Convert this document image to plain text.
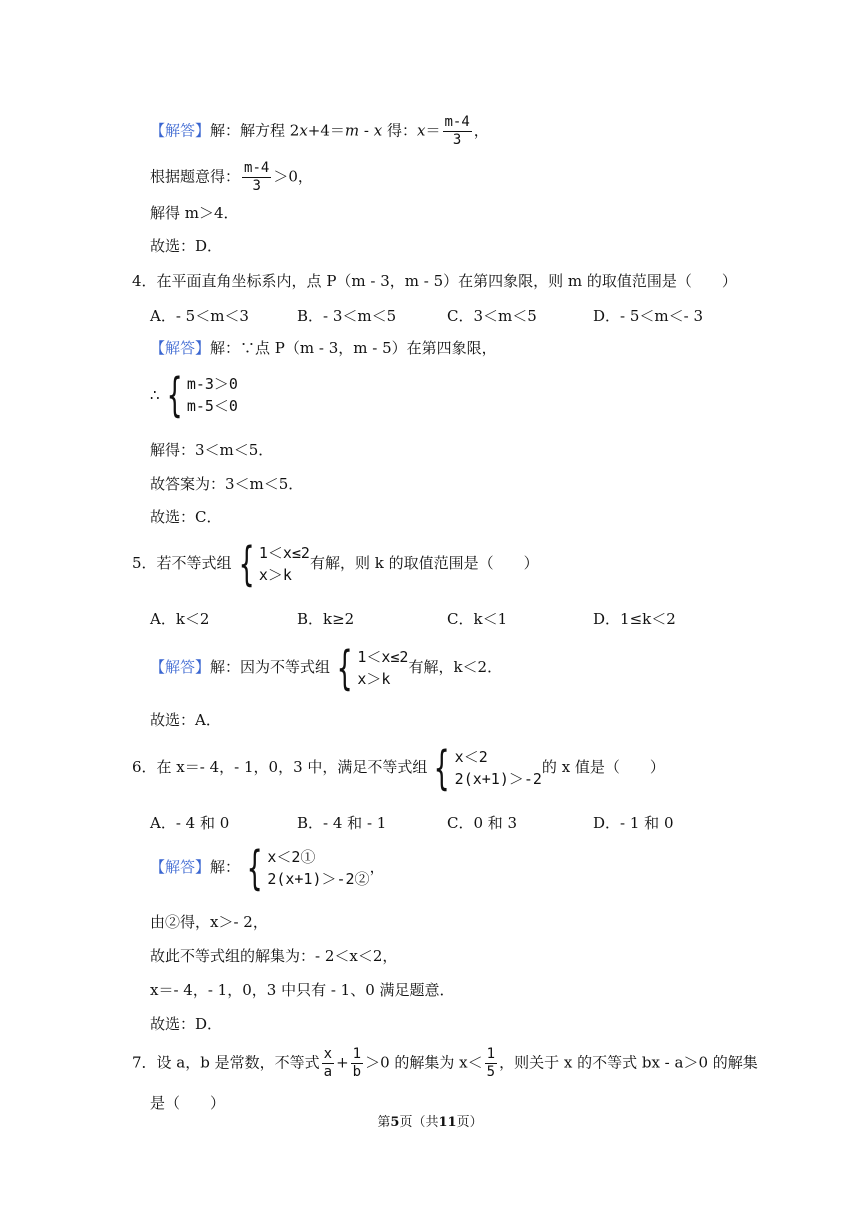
【解答】解：解方程 2x+4＝m - x 得：$x= \frac{m-4}{3}$ ，
根据题意得： $\frac{m-4}{3} >0$，
解得 m＞4．
故选：D．
4．在平面直角坐标系内，点 P（m - 3，m - 5）在第四象限，则 m 的取值范围是（　　）
A．- 5＜m＜3	B．- 3＜m＜5	C．3＜m＜5	D．- 5＜m＜- 3
【解答】解：∵点 P（m - 3，m - 5）在第四象限，
∴ { m-3＞0
m-5＜0
解得：3＜m＜5．
故答案为：3＜m＜5．
故选：C．
5．若不等式组 { 1＜x≤2
x＞k
有解，则 k 的取值范围是（　　）
A．k＜2	B．k≥2	C．k＜1	D．1≤k＜2
【解答】解：因为不等式组 { 1＜x≤2
x＞k
有解，k＜2．
故选：A．
6．在 x＝- 4，- 1，0，3 中，满足不等式组 { x＜2
2(x+1)＞-2
的 x 值是（　　）
A．- 4 和 0	B．- 4 和 - 1	C．0 和 3	D．- 1 和 0
【解答】解： { x＜2①
2(x+1)＞-2②
，
由②得，x＞- 2，
故此不等式组的解集为：- 2＜x＜2，
x＝- 4，- 1，0，3 中只有 - 1、0 满足题意．
故选：D．
7．设 a，b 是常数，不等式 $\frac{x}{a} + \frac{1}{b} >0$ 的解集为 $x< \frac{1}{5}$ ，则关于 x 的不等式 bx - a＞0 的解集
是（　　）
第5页（共11页）
